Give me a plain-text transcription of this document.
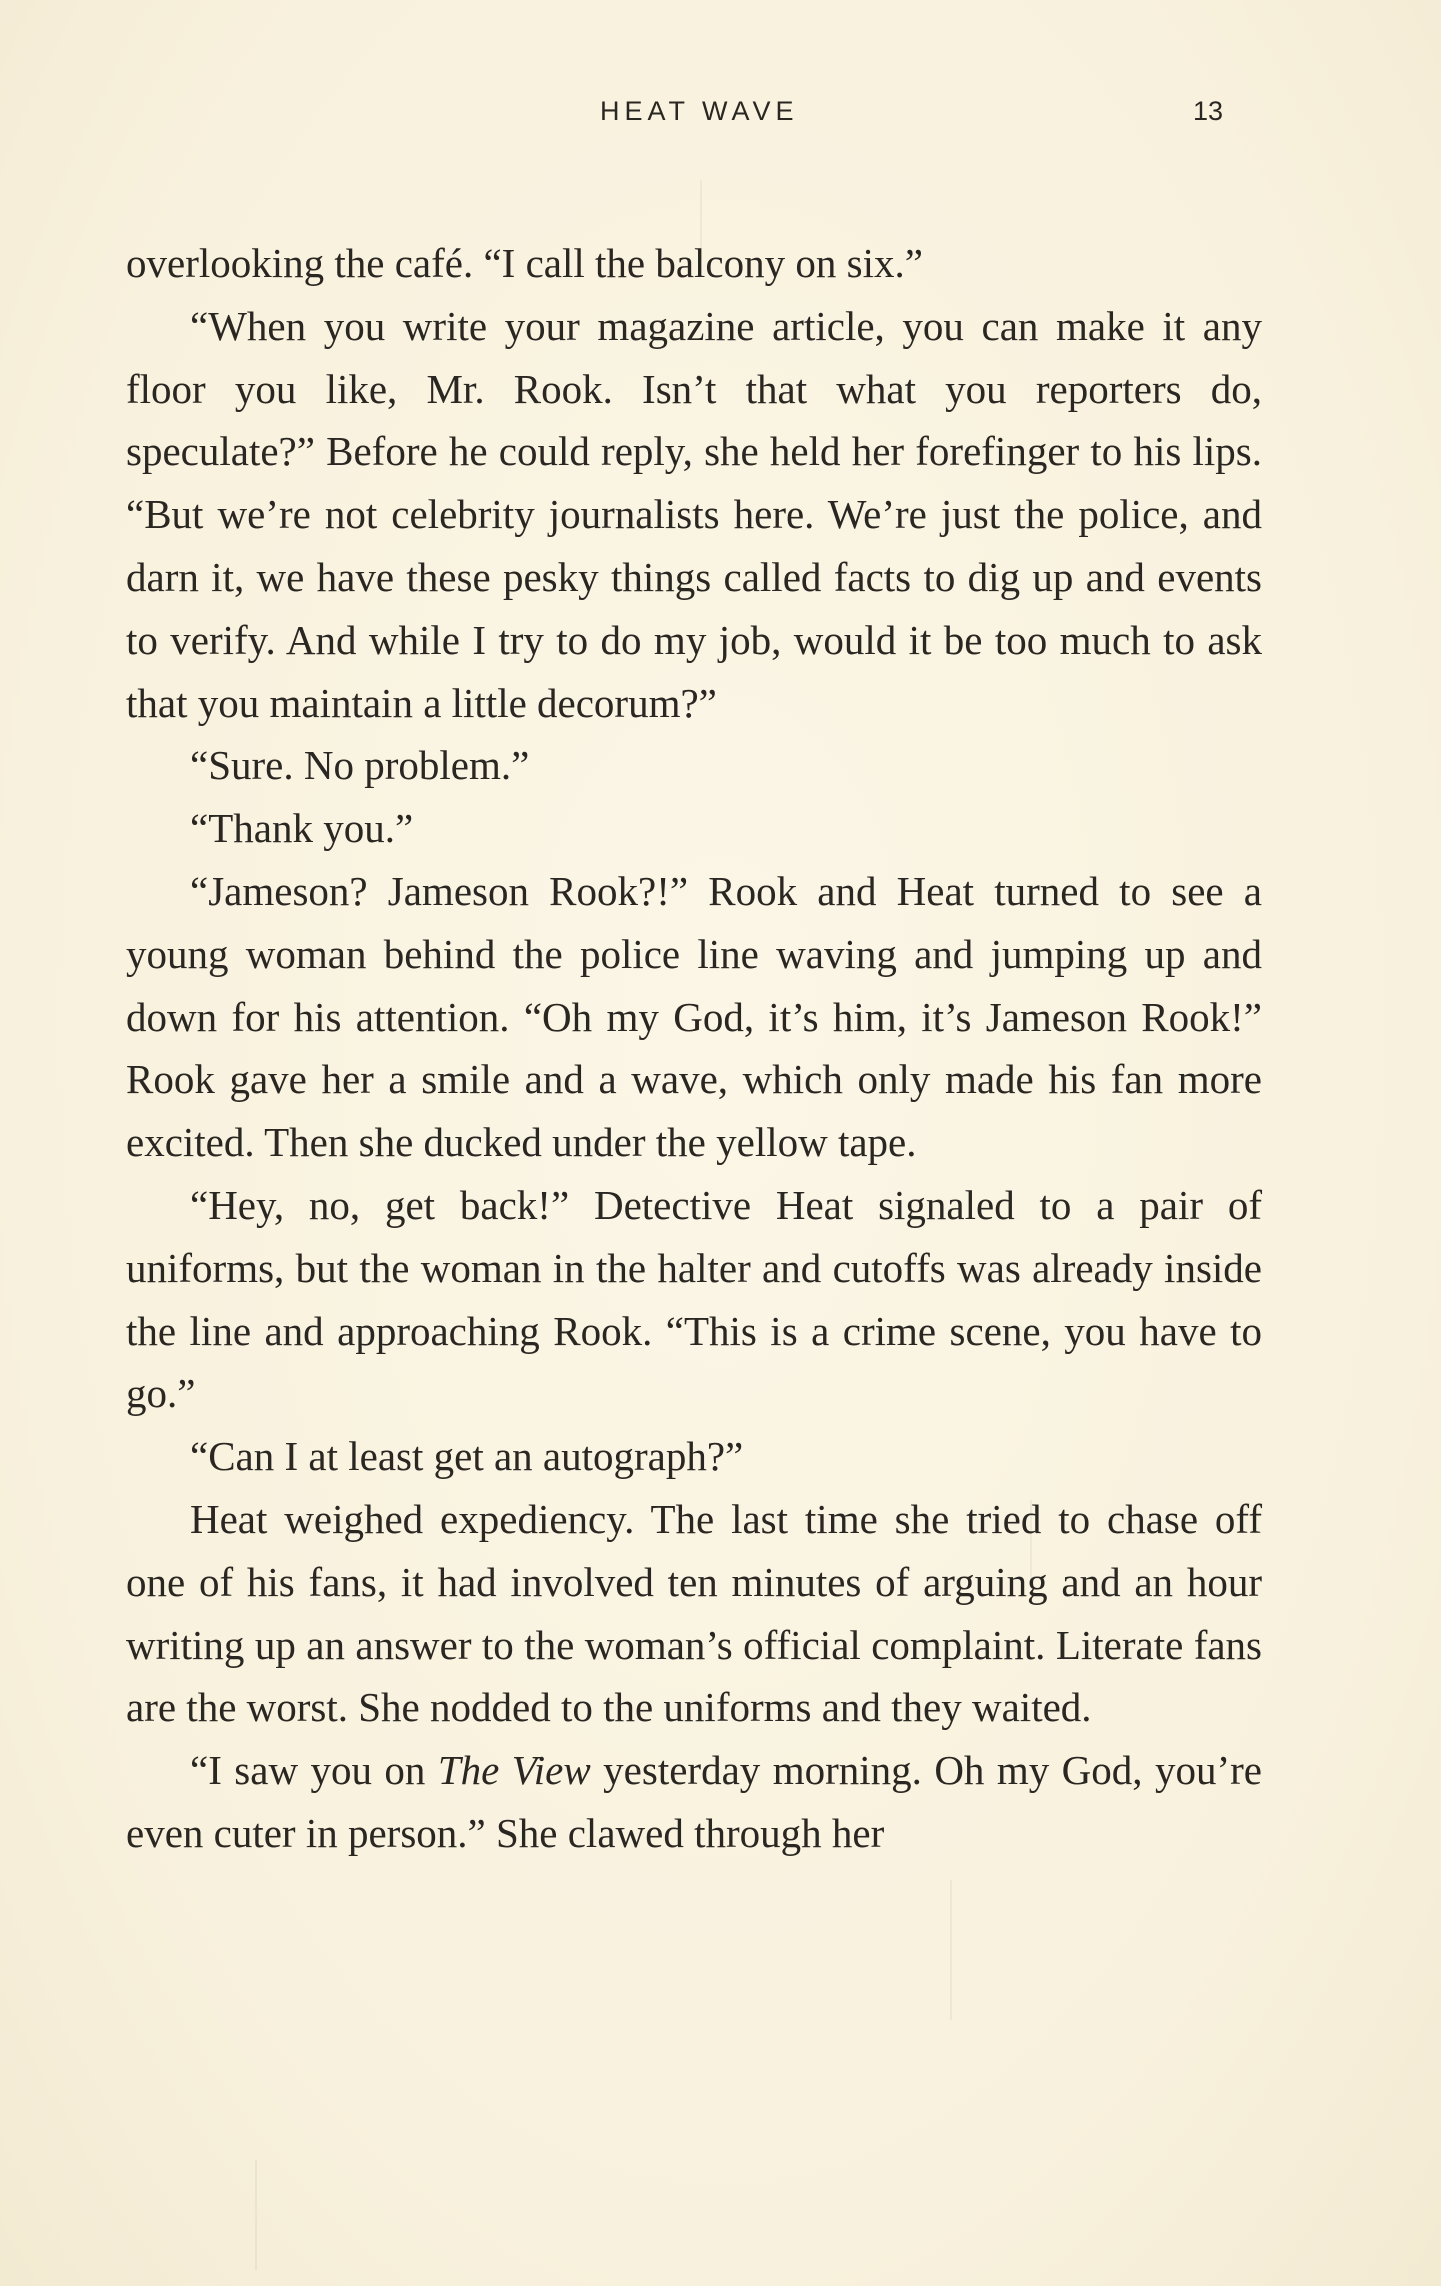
HEAT WAVE	13

overlooking the café. “I call the balcony on six.”

“When you write your magazine article, you can make it any floor you like, Mr. Rook. Isn’t that what you reporters do, speculate?” Before he could reply, she held her forefinger to his lips. “But we’re not celebrity journalists here. We’re just the police, and darn it, we have these pesky things called facts to dig up and events to verify. And while I try to do my job, would it be too much to ask that you maintain a little decorum?”

“Sure. No problem.”

“Thank you.”

“Jameson? Jameson Rook?!” Rook and Heat turned to see a young woman behind the police line waving and jumping up and down for his attention. “Oh my God, it’s him, it’s Jameson Rook!” Rook gave her a smile and a wave, which only made his fan more excited. Then she ducked under the yellow tape.

“Hey, no, get back!” Detective Heat signaled to a pair of uniforms, but the woman in the halter and cutoffs was already inside the line and approaching Rook. “This is a crime scene, you have to go.”

“Can I at least get an autograph?”

Heat weighed expediency. The last time she tried to chase off one of his fans, it had involved ten minutes of arguing and an hour writing up an answer to the woman’s official complaint. Literate fans are the worst. She nodded to the uniforms and they waited.

“I saw you on The View yesterday morning. Oh my God, you’re even cuter in person.” She clawed through her
